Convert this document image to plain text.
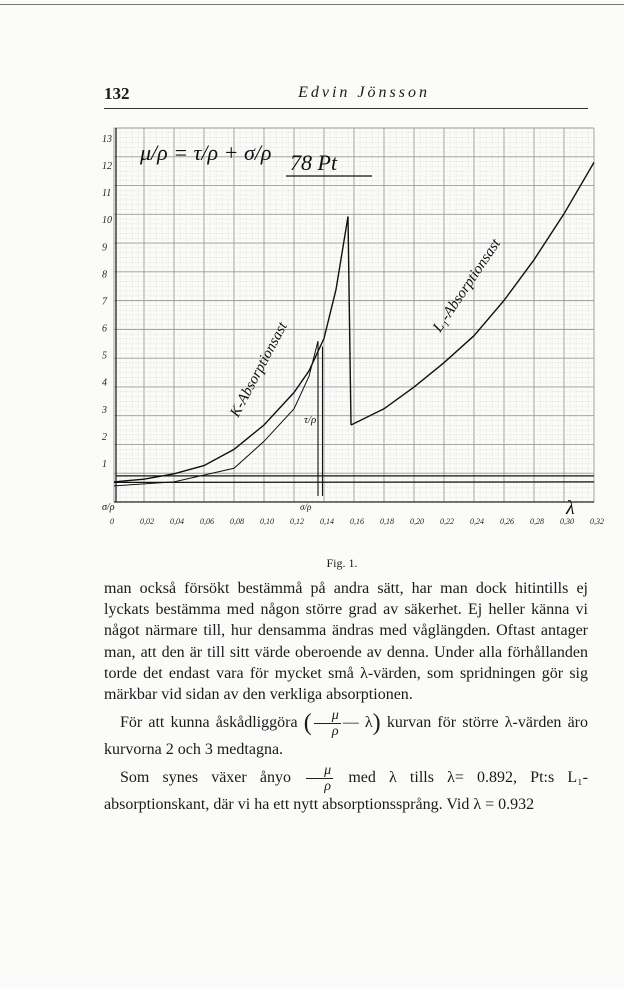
132	Edvin Jönsson
1
2
3
4
5
6
7
8
9
10
11
12
13
0	0,02 0,04 0,06 0,08 0,10 0,12 0,14 0,16 0,18 0,20 0,22 0,24 0,26 0,28 0,30 0,32
μ/ρ = τ/ρ + σ/ρ 78 Pt
K-Absorptionsast
L₁-Absorptionsast
τ/ρ
σ/ρ
σ/ρ	λ
Fig. 1.

man också försökt bestämmå på andra sätt, har man dock hitintills ej lyckats bestämma med någon större grad av säkerhet. Ej heller känna vi något närmare till, hur densamma ändras med våglängden. Oftast antager man, att den är till sitt värde oberoende av denna. Under alla förhållanden torde det endast vara för mycket små λ-värden, som spridningen gör sig märkbar vid sidan av den verkliga absorptionen.

För att kunna åskådliggöra ( $\frac{\mu}{\rho}$ — λ) kurvan för större λ-värden äro kurvorna 2 och 3 medtagna.

Som synes växer ånyo $\frac{\mu}{\rho}$ med λ tills λ= 0.892, Pt:s L₁-absorptionskant, där vi ha ett nytt absorptionssprång. Vid λ = 0.932
